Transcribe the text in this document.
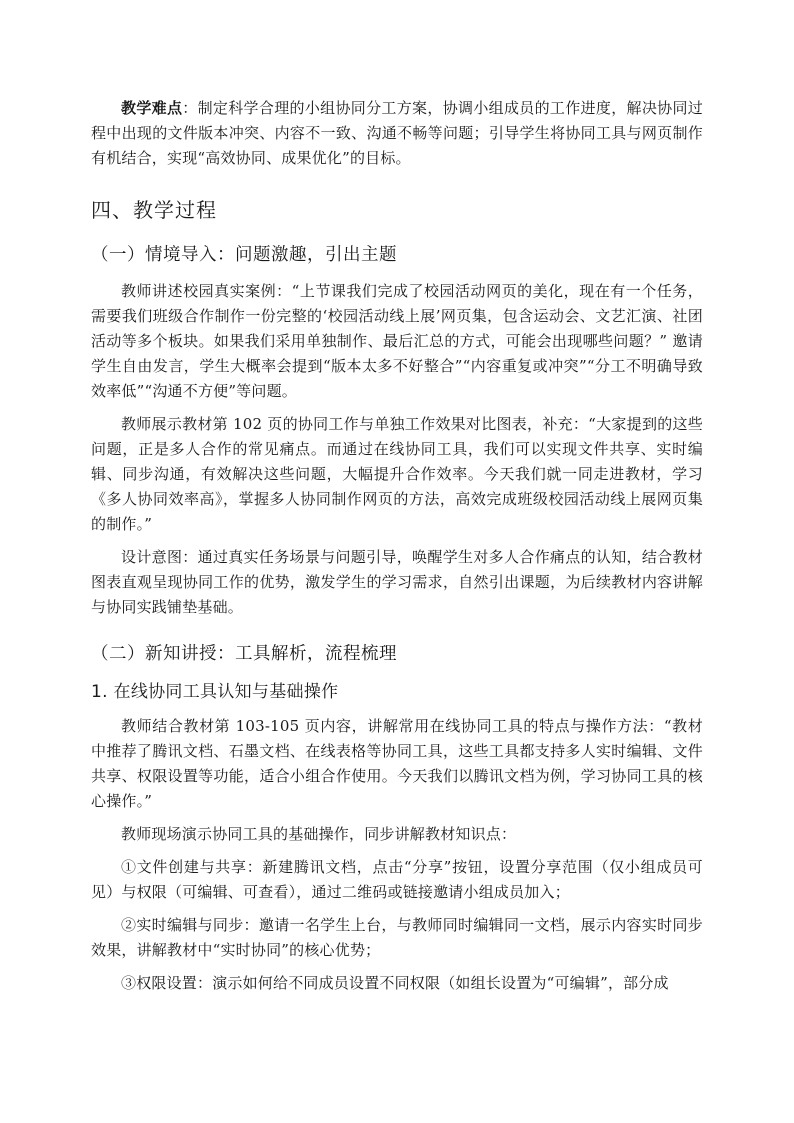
教学难点：制定科学合理的小组协同分工方案，协调小组成员的工作进度，解决协同过程中出现的文件版本冲突、内容不一致、沟通不畅等问题；引导学生将协同工具与网页制作有机结合，实现“高效协同、成果优化”的目标。

四、教学过程
（一）情境导入：问题激趣，引出主题

教师讲述校园真实案例：“上节课我们完成了校园活动网页的美化，现在有一个任务，需要我们班级合作制作一份完整的‘校园活动线上展’网页集，包含运动会、文艺汇演、社团活动等多个板块。如果我们采用单独制作、最后汇总的方式，可能会出现哪些问题？” 邀请学生自由发言，学生大概率会提到“版本太多不好整合”“内容重复或冲突”“分工不明确导致效率低”“沟通不方便”等问题。

教师展示教材第 102 页的协同工作与单独工作效果对比图表，补充：“大家提到的这些问题，正是多人合作的常见痛点。而通过在线协同工具，我们可以实现文件共享、实时编辑、同步沟通，有效解决这些问题，大幅提升合作效率。今天我们就一同走进教材，学习《多人协同效率高》，掌握多人协同制作网页的方法，高效完成班级校园活动线上展网页集的制作。”

设计意图：通过真实任务场景与问题引导，唤醒学生对多人合作痛点的认知，结合教材图表直观呈现协同工作的优势，激发学生的学习需求，自然引出课题，为后续教材内容讲解与协同实践铺垫基础。

（二）新知讲授：工具解析，流程梳理
1. 在线协同工具认知与基础操作

教师结合教材第 103-105 页内容，讲解常用在线协同工具的特点与操作方法：“教材中推荐了腾讯文档、石墨文档、在线表格等协同工具，这些工具都支持多人实时编辑、文件共享、权限设置等功能，适合小组合作使用。今天我们以腾讯文档为例，学习协同工具的核心操作。”

教师现场演示协同工具的基础操作，同步讲解教材知识点：

①文件创建与共享：新建腾讯文档，点击“分享”按钮，设置分享范围（仅小组成员可见）与权限（可编辑、可查看），通过二维码或链接邀请小组成员加入；

②实时编辑与同步：邀请一名学生上台，与教师同时编辑同一文档，展示内容实时同步效果，讲解教材中“实时协同”的核心优势；

③权限设置：演示如何给不同成员设置不同权限（如组长设置为“可编辑”，部分成
